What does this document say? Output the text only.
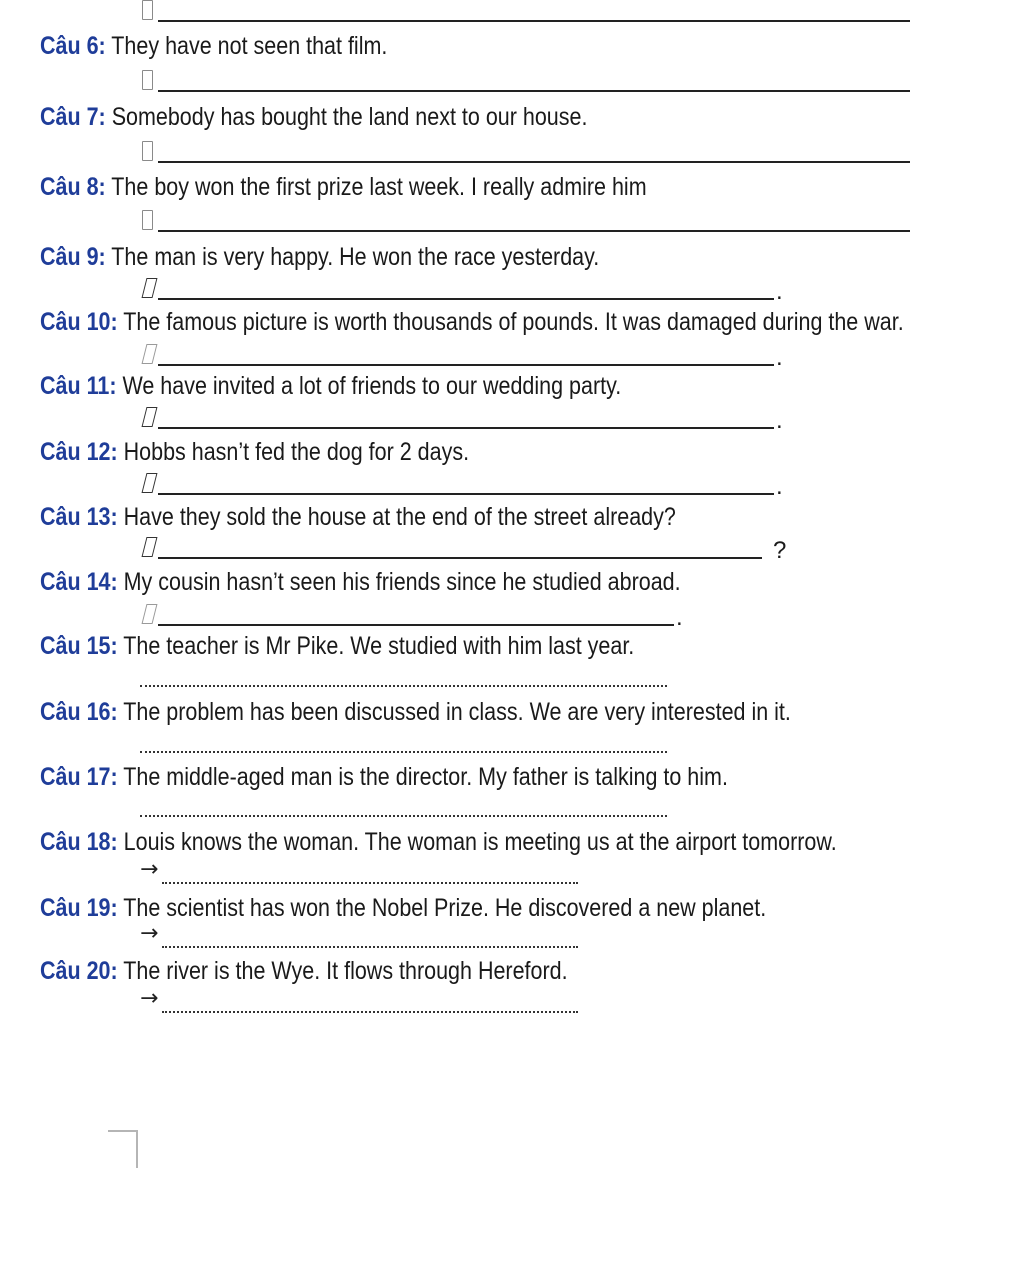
Câu 6: They have not seen that film.
Câu 7: Somebody has bought the land next to our house.
Câu 8: The boy won the first prize last week. I really admire him
Câu 9: The man is very happy. He won the race yesterday.
.
Câu 10: The famous picture is worth thousands of pounds. It was damaged during the war.
.
Câu 11: We have invited a lot of friends to our wedding party.
.
Câu 12: Hobbs hasn’t fed the dog for 2 days.
.
Câu 13: Have they sold the house at the end of the street already?
?
Câu 14: My cousin hasn’t seen his friends since he studied abroad.
.
Câu 15: The teacher is Mr Pike. We studied with him last year.
Câu 16: The problem has been discussed in class. We are very interested in it.
Câu 17: The middle-aged man is the director. My father is talking to him.
Câu 18: Louis knows the woman. The woman is meeting us at the airport tomorrow.
→
Câu 19: The scientist has won the Nobel Prize. He discovered a new planet.
→
Câu 20: The river is the Wye. It flows through Hereford.
→
